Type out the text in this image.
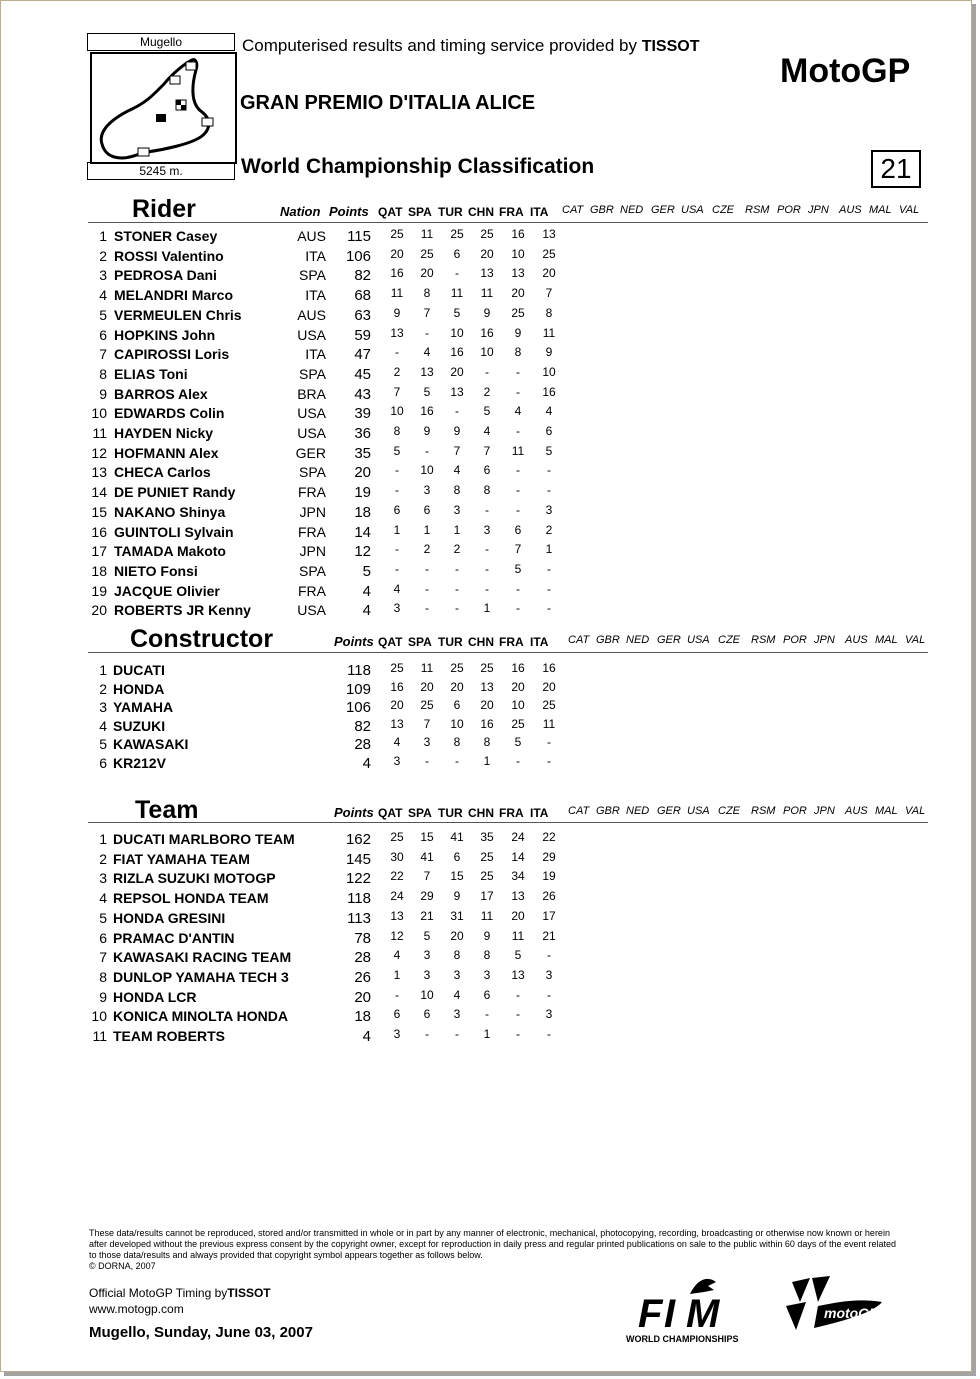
Mugello
5245 m.
Computerised results and timing service provided by TISSOT
MotoGP
GRAN PREMIO D'ITALIA ALICE
World Championship Classification	21
Rider	Nation Points QAT SPA TUR CHN FRA ITA CAT GBR NED GER USA CZE RSM POR JPN AUS MAL VAL
1 STONER Casey	AUS	115	25	11	25	25	16	13
2 ROSSI Valentino	ITA	106	20	25	6	20	10	25
3 PEDROSA Dani	SPA	82	16	20	-	13	13	20
4 MELANDRI Marco	ITA	68	11	8	11	11	20	7
5 VERMEULEN Chris	AUS	63	9	7	5	9	25	8
6 HOPKINS John	USA	59	13	-	10	16	9	11
7 CAPIROSSI Loris	ITA	47	-	4	16	10	8	9
8 ELIAS Toni	SPA	45	2	13	20	-	-	10
9 BARROS Alex	BRA	43	7	5	13	2	-	16
10 EDWARDS Colin	USA	39	10	16	-	5	4	4
11 HAYDEN Nicky	USA	36	8	9	9	4	-	6
12 HOFMANN Alex	GER	35	5	-	7	7	11	5
13 CHECA Carlos	SPA	20	-	10	4	6	-	-
14 DE PUNIET Randy	FRA	19	-	3	8	8	-	-
15 NAKANO Shinya	JPN	18	6	6	3	-	-	3
16 GUINTOLI Sylvain	FRA	14	1	1	1	3	6	2
17 TAMADA Makoto	JPN	12	-	2	2	-	7	1
18 NIETO Fonsi	SPA	5	-	-	-	-	5	-
19 JACQUE Olivier	FRA	4	4	-	-	-	-	-
20 ROBERTS JR Kenny	USA	4	3	-	-	1	-	-
Constructor	Points QAT SPA TUR CHN FRA ITA CAT GBR NED GER USA CZE RSM POR JPN AUS MAL VAL
1 DUCATI	118	25	11	25	25	16	16
2 HONDA	109	16	20	20	13	20	20
3 YAMAHA	106	20	25	6	20	10	25
4 SUZUKI	82	13	7	10	16	25	11
5 KAWASAKI	28	4	3	8	8	5	-
6 KR212V	4	3	-	-	1	-	-
Team	Points QAT SPA TUR CHN FRA ITA CAT GBR NED GER USA CZE RSM POR JPN AUS MAL VAL
1 DUCATI MARLBORO TEAM	162	25	15	41	35	24	22
2 FIAT YAMAHA TEAM	145	30	41	6	25	14	29
3 RIZLA SUZUKI MOTOGP	122	22	7	15	25	34	19
4 REPSOL HONDA TEAM	118	24	29	9	17	13	26
5 HONDA GRESINI	113	13	21	31	11	20	17
6 PRAMAC D'ANTIN	78	12	5	20	9	11	21
7 KAWASAKI RACING TEAM	28	4	3	8	8	5	-
8 DUNLOP YAMAHA TECH 3	26	1	3	3	3	13	3
9 HONDA LCR	20	-	10	4	6	-	-
10 KONICA MINOLTA HONDA	18	6	6	3	-	-	3
11 TEAM ROBERTS	4	3	-	-	1	-	-
These data/results cannot be reproduced, stored and/or transmitted in whole or in part by any manner of electronic, mechanical, photocopying, recording, broadcasting or otherwise now known or herein after developed without the previous express consent by the copyright owner, except for reproduction in daily press and regular printed publications on sale to the public within 60 days of the event related to those data/results and always provided that copyright symbol appears together as follows below.
© DORNA, 2007
Official MotoGP Timing byTISSOT
www.motogp.com
Mugello, Sunday, June 03, 2007	F I M
WORLD CHAMPIONSHIPS
motoGP
